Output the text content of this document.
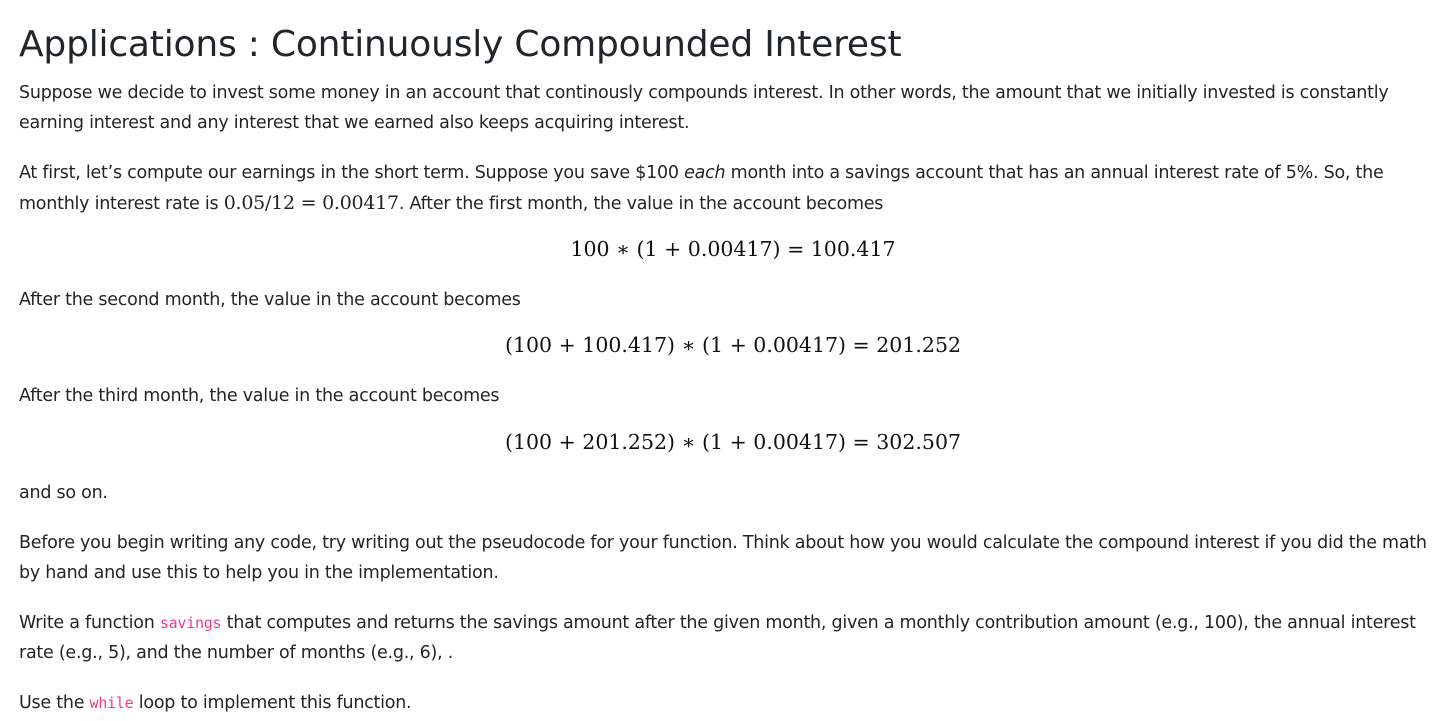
Applications : Continuously Compounded Interest

Suppose we decide to invest some money in an account that continously compounds interest. In other words, the amount that we initially invested is constantly earning interest and any interest that we earned also keeps acquiring interest.

At first, let’s compute our earnings in the short term. Suppose you save $100 each month into a savings account that has an annual interest rate of 5%. So, the monthly interest rate is 0.05/12 = 0.00417. After the first month, the value in the account becomes

100 ∗ (1 + 0.00417) = 100.417

After the second month, the value in the account becomes

(100 + 100.417) ∗ (1 + 0.00417) = 201.252

After the third month, the value in the account becomes

(100 + 201.252) ∗ (1 + 0.00417) = 302.507

and so on.

Before you begin writing any code, try writing out the pseudocode for your function. Think about how you would calculate the compound interest if you did the math by hand and use this to help you in the implementation.

Write a function savings that computes and returns the savings amount after the given month, given a monthly contribution amount (e.g., 100), the annual interest rate (e.g., 5), and the number of months (e.g., 6), .

Use the while loop to implement this function.
